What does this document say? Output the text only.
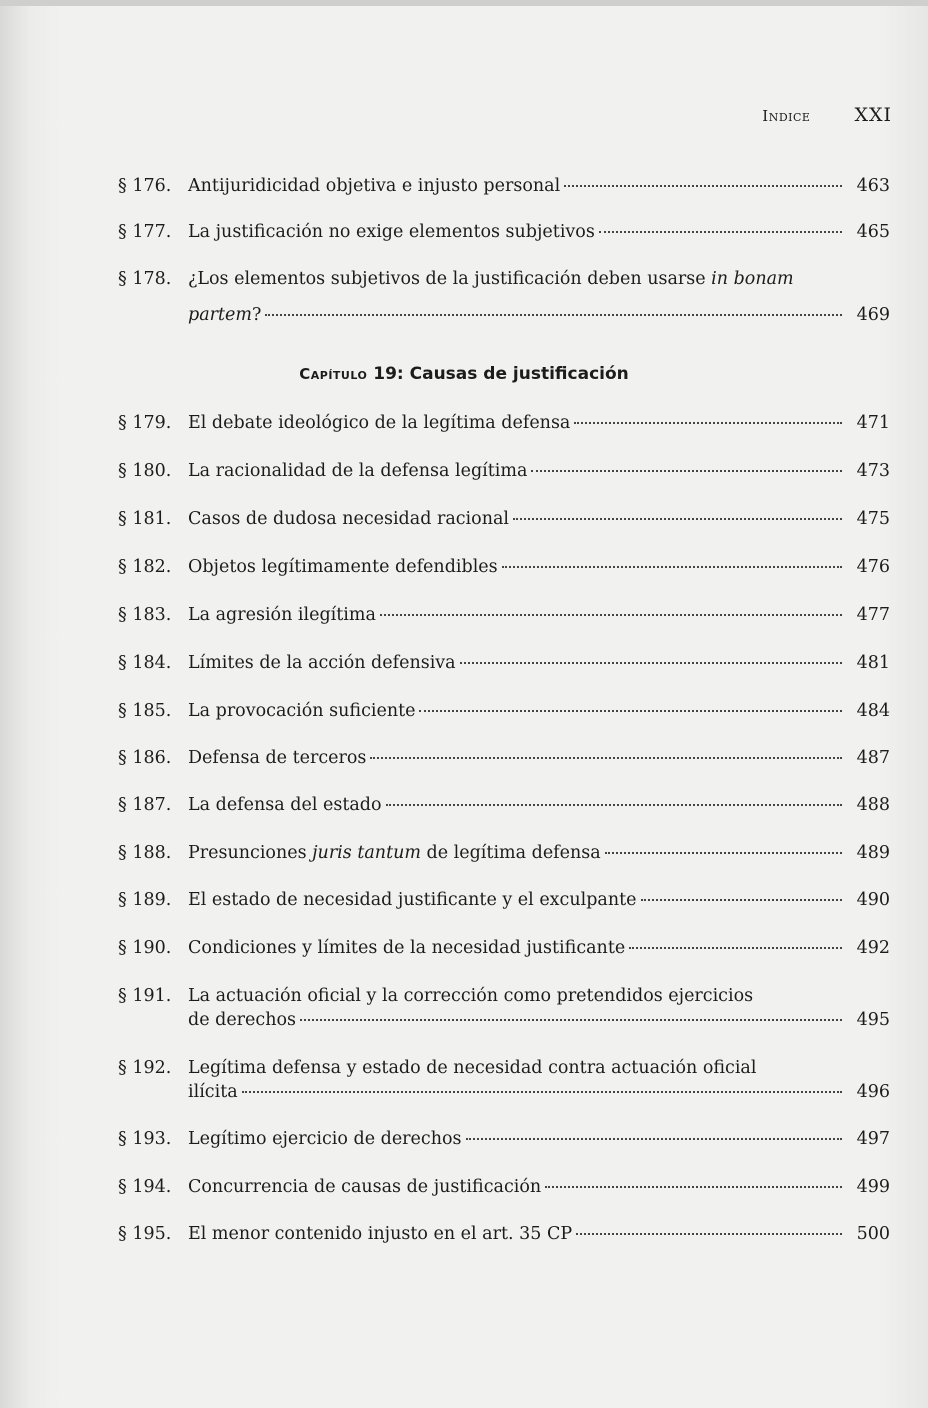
Indice XXI
§ 176. Antijuridicidad objetiva e injusto personal	463
§ 177. La justificación no exige elementos subjetivos	465
§ 178. ¿Los elementos subjetivos de la justificación deben usarse in bonam
partem?	469
Capítulo 19: Causas de justificación
§ 179. El debate ideológico de la legítima defensa	471
§ 180. La racionalidad de la defensa legítima	473
§ 181. Casos de dudosa necesidad racional	475
§ 182. Objetos legítimamente defendibles	476
§ 183. La agresión ilegítima	477
§ 184. Límites de la acción defensiva	481
§ 185. La provocación suficiente	484
§ 186. Defensa de terceros	487
§ 187. La defensa del estado	488
§ 188. Presunciones juris tantum de legítima defensa	489
§ 189. El estado de necesidad justificante y el exculpante	490
§ 190. Condiciones y límites de la necesidad justificante	492
§ 191. La actuación oficial y la corrección como pretendidos ejercicios
de derechos	495
§ 192. Legítima defensa y estado de necesidad contra actuación oficial
ilícita	496
§ 193. Legítimo ejercicio de derechos	497
§ 194. Concurrencia de causas de justificación	499
§ 195. El menor contenido injusto en el art. 35 CP	500
